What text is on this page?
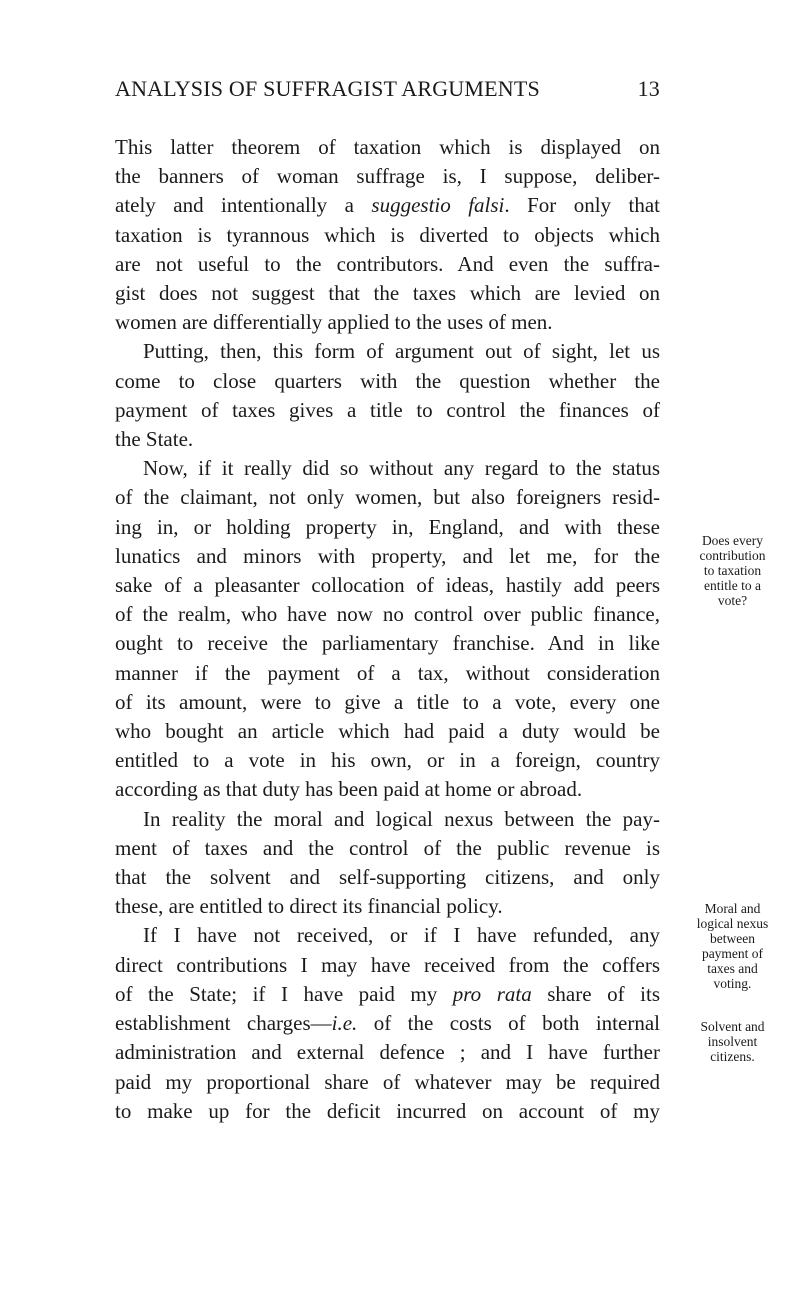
ANALYSIS OF SUFFRAGIST ARGUMENTS	13

This latter theorem of taxation which is displayed on
the banners of woman suffrage is, I suppose, deliber-
ately and intentionally a suggestio falsi. For only that
taxation is tyrannous which is diverted to objects which
are not useful to the contributors. And even the suffra-
gist does not suggest that the taxes which are levied on
women are differentially applied to the uses of men.

Putting, then, this form of argument out of sight, let us
come to close quarters with the question whether the
payment of taxes gives a title to control the finances of
the State.

Now, if it really did so without any regard to the status
of the claimant, not only women, but also foreigners resid-
ing in, or holding property in, England, and with these
lunatics and minors with property, and let me, for the
sake of a pleasanter collocation of ideas, hastily add peers
of the realm, who have now no control over public finance,
ought to receive the parliamentary franchise. And in like
manner if the payment of a tax, without consideration
of its amount, were to give a title to a vote, every one
who bought an article which had paid a duty would be
entitled to a vote in his own, or in a foreign, country
according as that duty has been paid at home or abroad.

In reality the moral and logical nexus between the pay-
ment of taxes and the control of the public revenue is
that the solvent and self-supporting citizens, and only
these, are entitled to direct its financial policy.

If I have not received, or if I have refunded, any
direct contributions I may have received from the coffers
of the State; if I have paid my pro rata share of its
establishment charges—i.e. of the costs of both internal
administration and external defence ; and I have further
paid my proportional share of whatever may be required
to make up for the deficit incurred on account of my

Does every
contribution
to taxation
entitle to a
vote?
Moral and
logical nexus
between
payment of
taxes and
voting.
Solvent and
insolvent
citizens.
